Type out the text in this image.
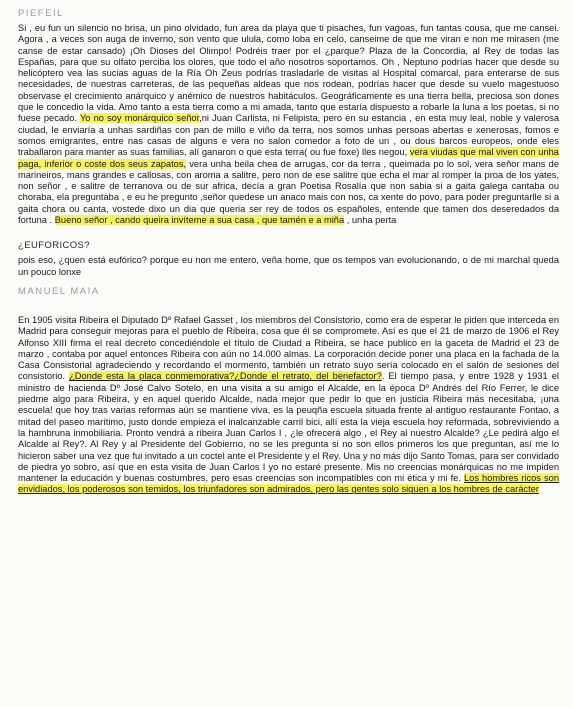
PIEFEIL

Si , eu fun un silencio no brisa, un pino olvidado, fun area da playa que ti pisaches, fun vagoas, fun tantas cousa, que me cansei. Agora , a veces son auga de inverno, son vento que ulula, como loba en celo, canseime de que me viran e non me mirasen (me canse de estar cansado) ¡Oh Dioses del Olimpo! Podréis traer por el ¿parque? Plaza de la Concordia, al Rey de todas las Españas, para que su olfato perciba los olores, que todo el año nosotros soportamos. Oh , Neptuno podrías hacer que desde su helicóptero vea las sucias aguas de la Ría Oh Zeus podrías trasladarle de visitas al Hospital comarcal, para enterarse de sus necesidades, de nuestras carreteras, de las pequeñas aldeas que nos rodean, podrías hacer que desde su vuelo magestuoso observase el crecimiento anárquico y anémico de nuestros habitáculos. Geográficamente es una tierra bella, preciosa son dones que le concedio la vida. Amo tanto a esta tierra como a mi amada, tanto que estaría dispuesto a robarle la luna a los poetas, si no fuese pecado. Yo no soy monárquico señor,ni Juan Carlista, ni Felipista, pero en su estancia , en esta muy leal, noble y valerosa ciudad, le enviaría a unhas sardiñas con pan de millo e viño da terra, nos somos unhas persoas abertas e xenerosas, fomos e somos emigrantes, entre nas casas de alguns e vera no salon comedor a foto de un , ou dous barcos europeos, onde eles traballaron para manter as suas familias, alí ganaron o que esta terra( ou fue foxe) lles negou, vera viudas que mal viven con unha paga, inferior o coste dos seus zapatos, vera unha beila chea de arrugas, cor da terra , queimada po lo sol, vera señor mans de marineiros, mans grandes e callosas, con aroma a salitre, pero non de ese salitre que echa el mar al romper la proa de los yates, non señor , e salitre de terranova ou de sur africa, decía a gran Poetisa Rosalía que non sabia si a gaita galega cantaba ou choraba, ela preguntaba , e eu he pregunto ,señor quedese un anaco mais con nos, ca xente do povo, para poder preguntarlle si a gaita chora ou canta, vostede dixo un dia que queria ser rey de todos os españoles, entende que tamen dos deseredados da fortuna . Bueno señor , cando queira invíteme a sua casa , que tamén e a miña , unha perta

¿EUFORICOS?

pois eso, ¿quen está eufórico? porque eu non me entero, veña home, que os tempos van evolucionando, o de mi marchal queda un pouco lonxe

MANUEL MAIA

En 1905 visita Ribeira el Diputado Dº Rafael Gasset , los miembros del Consistorio, como era de esperar le piden que interceda en Madrid para conseguir mejoras para el pueblo de Ribeira, cosa que él se compromete. Así es que el 21 de marzo de 1906 el Rey Alfonso XIII firma el real decreto concediéndole el título de Ciudad a Ribeira, se hace publico en la gaceta de Madrid el 23 de marzo , contaba por aquel entonces Ribeira con aún no 14.000 almas. La corporación decide poner una placa en la fachada de la Casa Consistorial agradeciendo y recordando el mormento, también un retrato suyo sería colocado en el salón de sesiones del consistorio. ¿Donde esta la placa conmemorativa?¿Donde el retrato, del benefactor?. El tiempo pasa, y entre 1928 y 1931 el ministro de hacienda Dº José Calvo Sotelo, en una visita a su amigo el Alcalde, en la época Dº Andrés del Río Ferrer, le dice piedme algo para Ribeira, y en aquel querido Alcalde, nada mejor que pedir lo que en justicia Ribeira más necesitaba, ¡una escuela! que hoy tras varias reformas aún se mantiene viva, es la peuqña escuela situada frente al antiguo restaurante Fontao, a mitad del paseo marítimo, justo donde empieza el inalcanzable carril bici, allí esta la vieja escuela hoy reformada, sobreviviendo a la hambruna inmobiliaria. Pronto vendrá a ribeira Juan Carlos I , ¿le ofrecerá algo , el Rey al nuestro Alcalde? ¿Le pedirá algo el Alcalde al Rey?. Al Rey y al Presidente del Gobierno, no se les pregunta si no son ellos primeros los que preguntan, así me lo hicieron saber una vez que fui invitado a un coctel ante el Presidente y el Rey. Una y no más dijo Santo Tomas, para ser convidado de piedra yo sobro, así que en esta visita de Juan Carlos I yo no estaré presente. Mis no creencias monárquicas no me impiden mantener la educación y buenas costumbres, pero esas creencias son incompatibles con mi ética y mi fe. Los hombres ricos son envidiados, los poderosos son temidos, los triunfadores son admirados, pero las gentes solo siguen a los hombres de carácter
